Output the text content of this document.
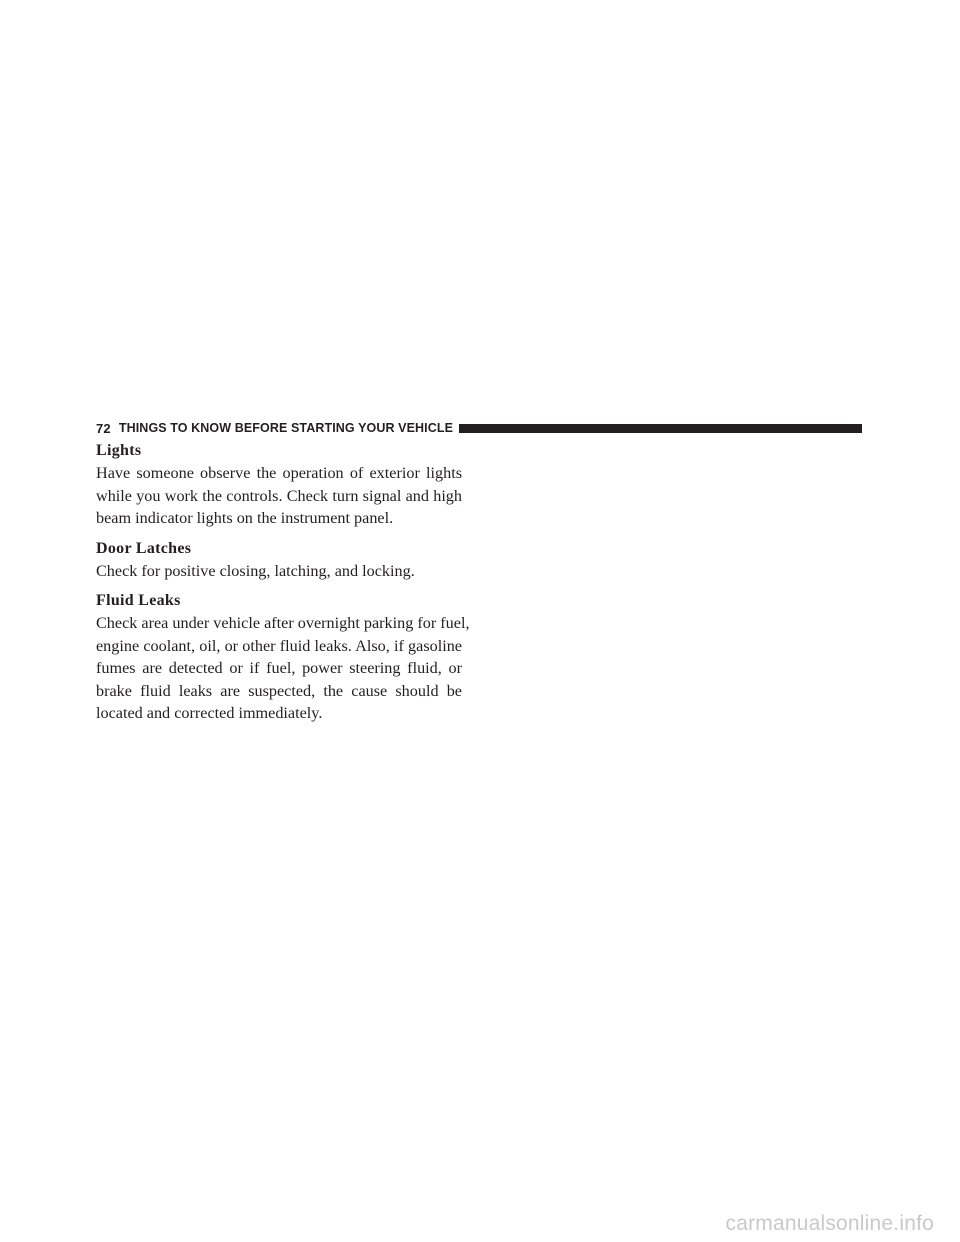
72 THINGS TO KNOW BEFORE STARTING YOUR VEHICLE
Lights

Have someone observe the operation of exterior lights
while you work the controls. Check turn signal and high
beam indicator lights on the instrument panel.

Door Latches

Check for positive closing, latching, and locking.

Fluid Leaks

Check area under vehicle after overnight parking for fuel,
engine coolant, oil, or other fluid leaks. Also, if gasoline
fumes are detected or if fuel, power steering fluid, or
brake fluid leaks are suspected, the cause should be
located and corrected immediately.

carmanualsonline.info
